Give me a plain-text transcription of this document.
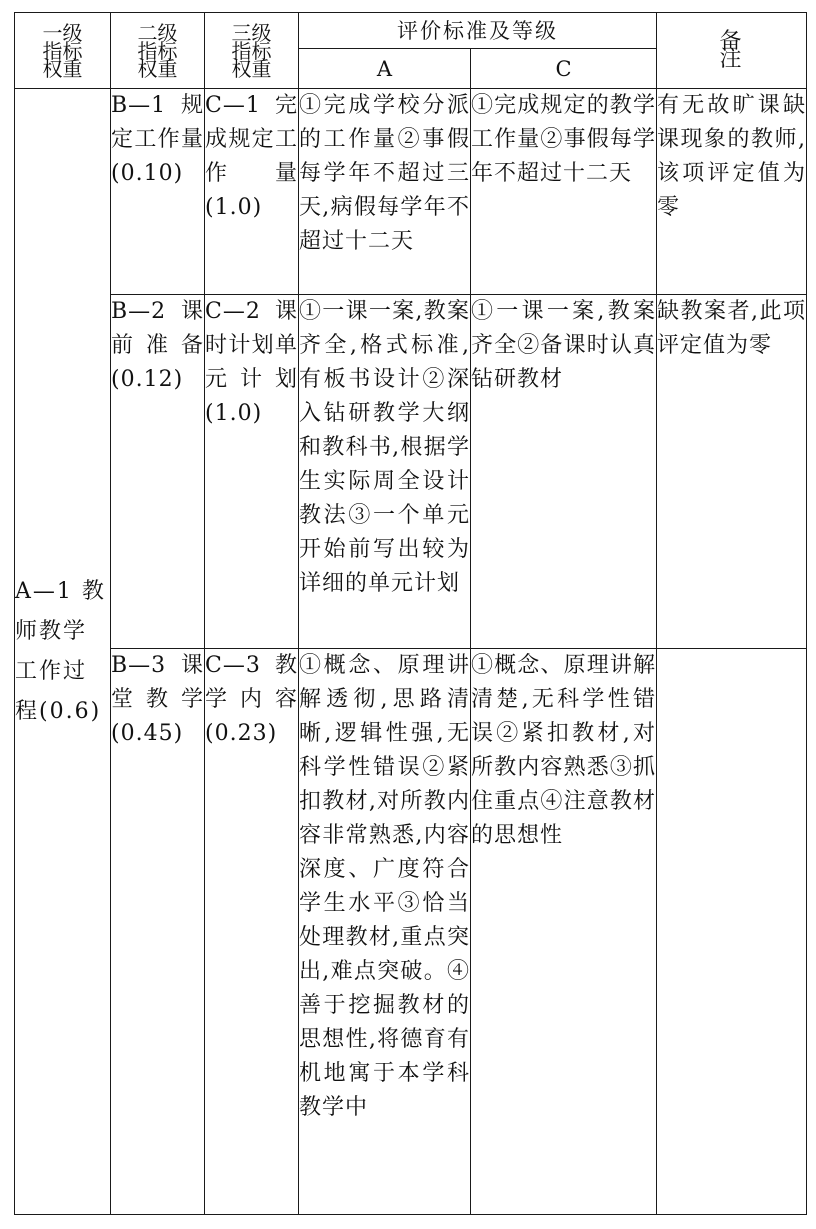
一级
指标
权重	二级
指标
权重	三级
指标
权重	评价标准及等级		备注
			A	C	
A—1 教师教学工作过程(0.6)	B—1 规定工作量(0.10)	C—1 完成规定工作量(1.0)	①完成学校分派的工作量②事假每学年不超过三天,病假每学年不超过十二天	①完成规定的教学工作量②事假每学年不超过十二天	有无故旷课缺课现象的教师,该项评定值为零
	B—2 课前准备(0.12)	C—2 课时计划单元计划(1.0)	①一课一案,教案齐全,格式标准,有板书设计②深入钻研教学大纲和教科书,根据学生实际周全设计教法③一个单元开始前写出较为详细的单元计划	①一课一案,教案齐全②备课时认真钻研教材	缺教案者,此项评定值为零
	B—3 课堂教学(0.45)	C—3 教学内容(0.23)	①概念、原理讲解透彻,思路清晰,逻辑性强,无科学性错误②紧扣教材,对所教内容非常熟悉,内容深度、广度符合学生水平③恰当处理教材,重点突出,难点突破。④善于挖掘教材的思想性,将德育有机地寓于本学科教学中	①概念、原理讲解清楚,无科学性错误②紧扣教材,对所教内容熟悉③抓住重点④注意教材的思想性	
